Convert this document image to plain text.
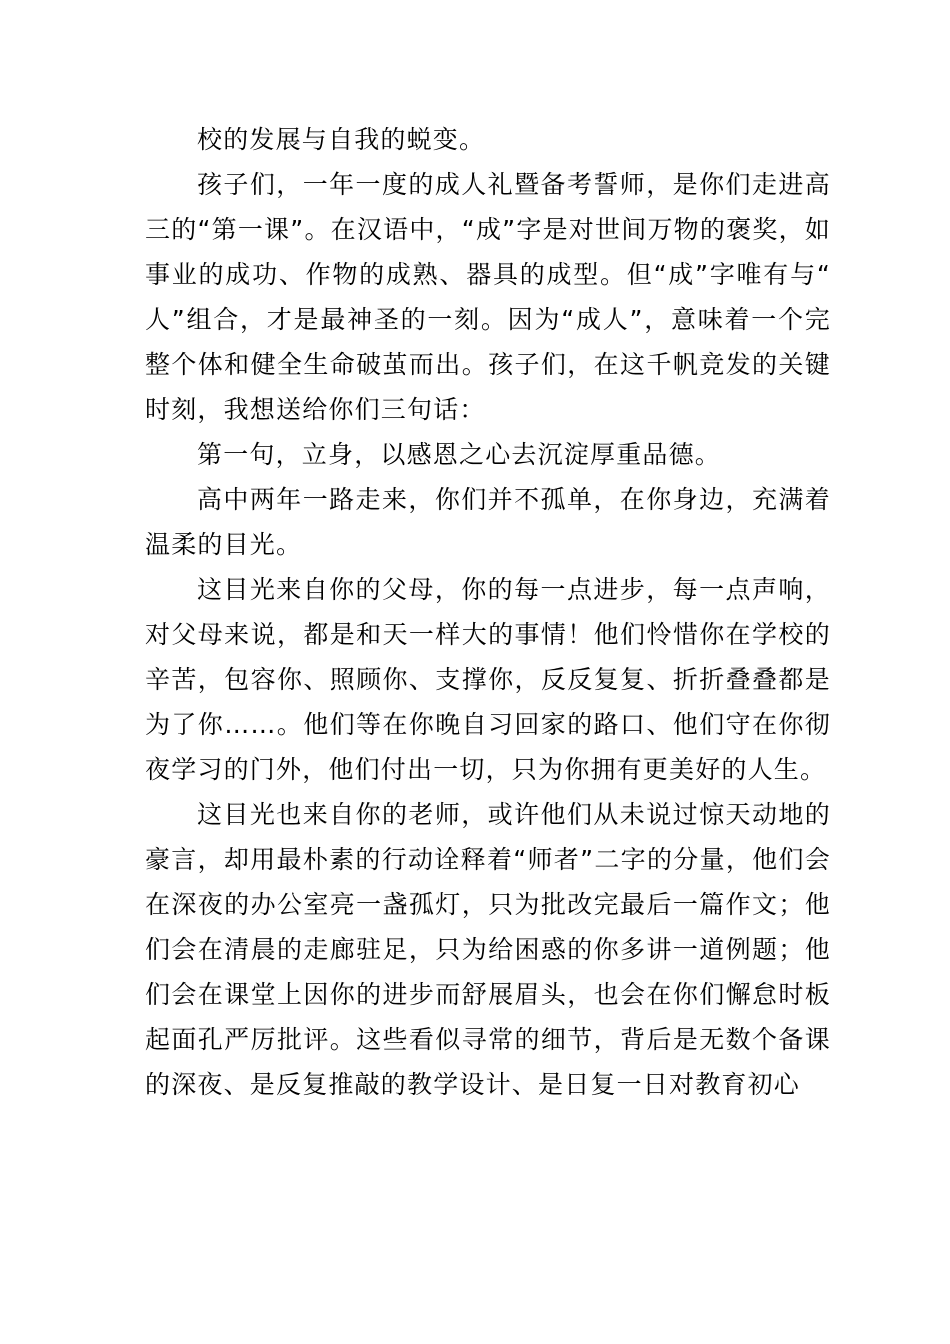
校的发展与自我的蜕变。

孩子们，一年一度的成人礼暨备考誓师，是你们走进高三的“第一课”。在汉语中，“成”字是对世间万物的褒奖，如事业的成功、作物的成熟、器具的成型。但“成”字唯有与“人”组合，才是最神圣的一刻。因为“成人”，意味着一个完整个体和健全生命破茧而出。孩子们，在这千帆竞发的关键时刻，我想送给你们三句话：

第一句，立身，以感恩之心去沉淀厚重品德。

高中两年一路走来，你们并不孤单，在你身边，充满着温柔的目光。

这目光来自你的父母，你的每一点进步，每一点声响，对父母来说，都是和天一样大的事情！他们怜惜你在学校的辛苦，包容你、照顾你、支撑你，反反复复、折折叠叠都是为了你……。他们等在你晚自习回家的路口、他们守在你彻夜学习的门外，他们付出一切，只为你拥有更美好的人生。

这目光也来自你的老师，或许他们从未说过惊天动地的豪言，却用最朴素的行动诠释着“师者”二字的分量，他们会在深夜的办公室亮一盏孤灯，只为批改完最后一篇作文；他们会在清晨的走廊驻足，只为给困惑的你多讲一道例题；他们会在课堂上因你的进步而舒展眉头，也会在你们懈怠时板起面孔严厉批评。这些看似寻常的细节，背后是无数个备课的深夜、是反复推敲的教学设计、是日复一日对教育初心
